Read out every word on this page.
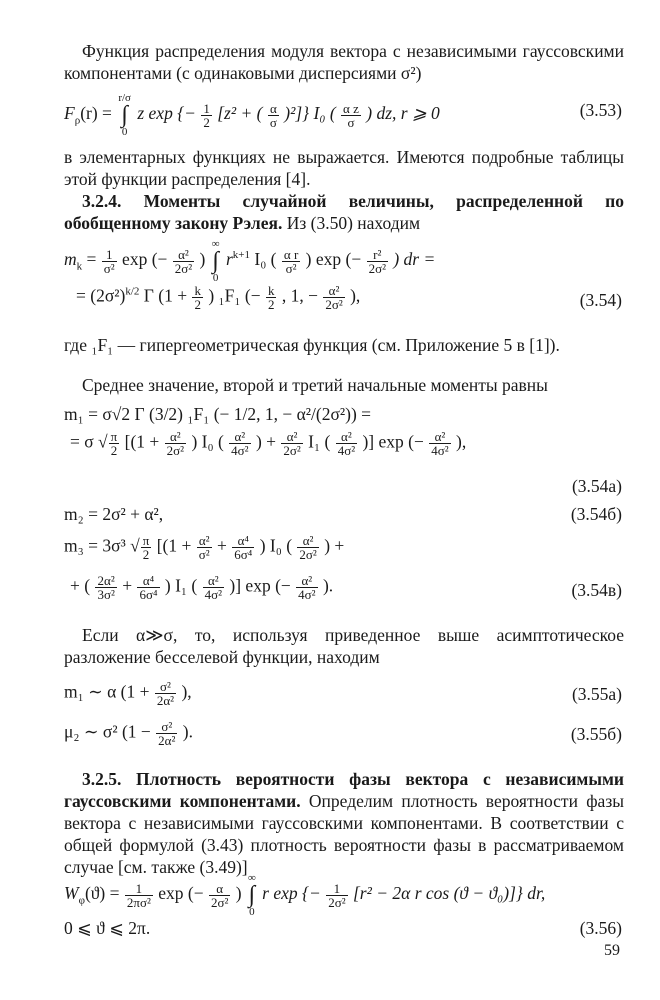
Функция распределения модуля вектора с независимыми гауссовскими компонентами (с одинаковыми дисперсиями σ²)
$F_\rho(r) = r/\sigma$
∫
0 z exp {− $\frac{1}{2} [z^2$ + ( $\frac{\alpha}{\sigma} )^2$]} I₀ ( $\frac{\text{α z}}{\sigma}$ ) dz, r ⩾ 0	(3.53)
в элементарных функциях не выражается. Имеются подробные таблицы этой функции распределения [4].
3.2.4. Моменты случайной величины, распределенной по обобщенному закону Рэлея. Из (3.50) находим
$m_k = \frac{1}{\text{σ²}}$ exp (− $\frac{\text{α²}}{\text{2σ²}}$ ) ∞
∫
0 $r^{k+1}$ I₀ ( $\frac{\text{α r}}{\text{σ²}}$ ) exp (− $\frac{\text{r²}}{\text{2σ²}}$ ) dr =
= $(2\sigma^2)^{k/2}$ Γ ($1 + \frac{k}{2}$ ) ₁F₁ (− $\frac{k}{2}$ , 1, − $\frac{\text{α²}}{\text{2σ²}}$ ),	(3.54)
где ₁F₁ — гипергеометрическая функция (см. Приложение 5 в [1]).
Среднее значение, второй и третий начальные моменты равны
m₁ = σ√2 Γ (3/2) ₁F₁ (− 1/2, 1, − α²/(2σ²)) =
= σ √ $\frac{\pi}{2} [(1 + \frac{\text{α²}}{\text{2σ²}}$ ) I₀ ( $\frac{\text{α²}}{\text{4σ²}}$ ) + $\frac{\text{α²}}{\text{2σ²}} I_1$ ( $\frac{\text{α²}}{\text{4σ²}}$ )] exp (− $\frac{\text{α²}}{\text{4σ²}}$ ),
(3.54а)
m₂ = 2σ² + α²,	(3.54б)
m₃ = 3σ³ √ $\frac{\pi}{2} [(1 + \frac{\text{α²}}{\text{σ²}} + \frac{\text{α⁴}}{\text{6σ⁴}}$ ) I₀ ( $\frac{\text{α²}}{\text{2σ²}}$ ) +
+ ( $\frac{\text{2α²}}{\text{3σ²}} + \frac{\text{α⁴}}{\text{6σ⁴}}$ ) I₁ ( $\frac{\text{α²}}{\text{4σ²}}$ )] exp (− $\frac{\text{α²}}{\text{4σ²}}$ ).	(3.54в)
Если α≫σ, то, используя приведенное выше асимптотическое разложение бесселевой функции, находим
m₁ ∼ α ($1 + \frac{\text{σ²}}{\text{2α²}}$ ),	(3.55а)
μ₂ ∼ σ² ($1 - \frac{\text{σ²}}{\text{2α²}}$ ).	(3.55б)
3.2.5. Плотность вероятности фазы вектора с независимыми гауссовскими компонентами. Определим плотность вероятности фазы вектора с независимыми гауссовскими компонентами. В соответствии с общей формулой (3.43) плотность вероятности фазы в рассматриваемом случае [см. также (3.49)]
$W_\varphi(ϑ) = \frac{1}{\text{2πσ²}}$ exp (− $\frac{\alpha}{\text{2σ²}}$ ) ∞
∫
0 r exp {− $\frac{1}{\text{2σ²}} [r^2 - 2\alpha$ r cos (ϑ − ϑ₀)]} dr,
0 ⩽ ϑ ⩽ 2π.	(3.56)
59
